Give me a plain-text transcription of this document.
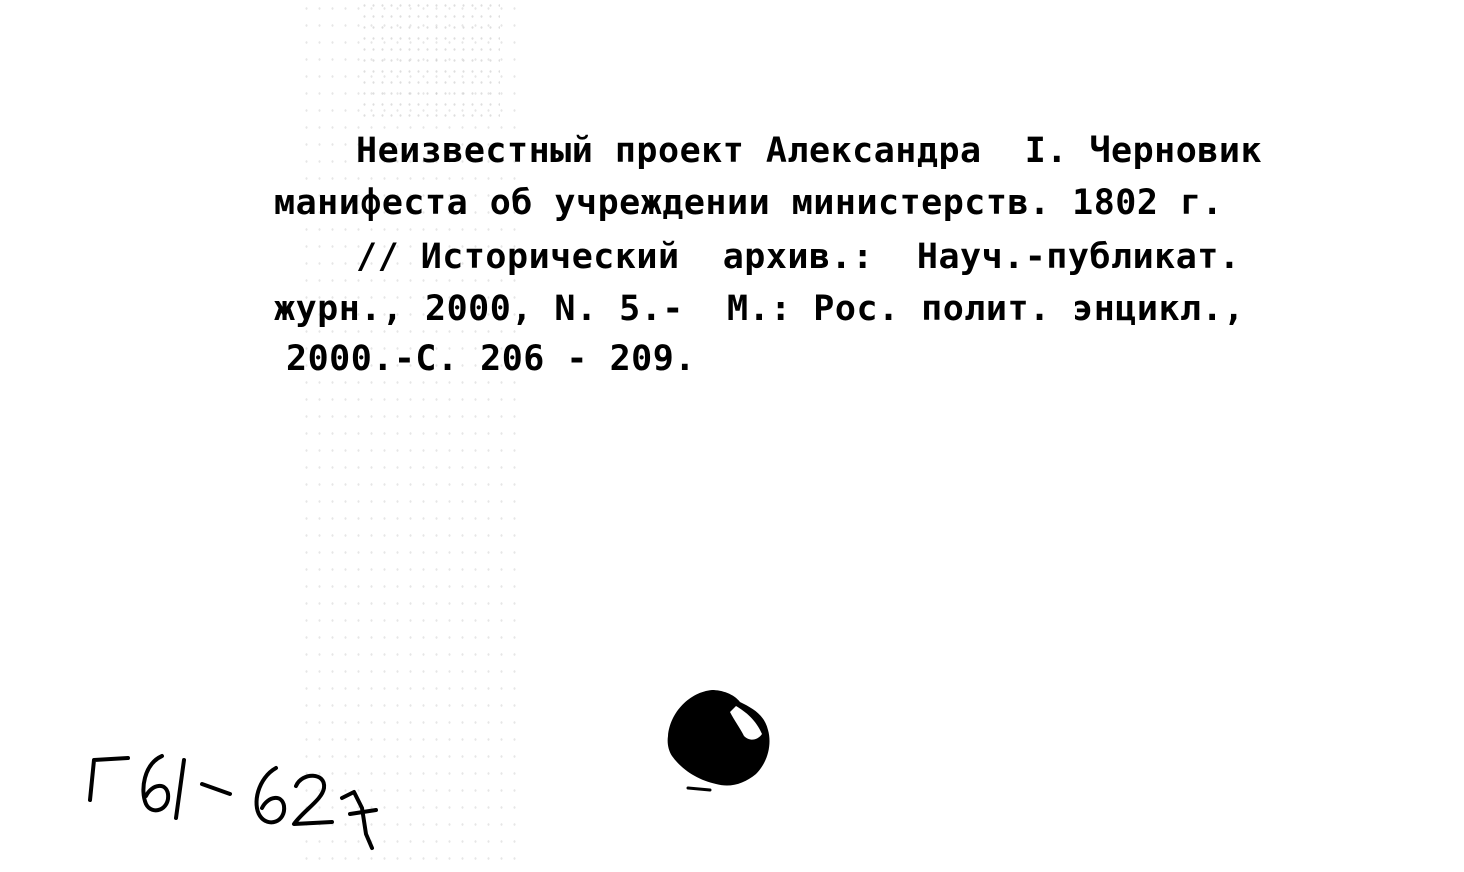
Неизвестный проект Александра  I. Черновик
манифеста об учреждении министерств. 1802 г.
// Исторический  архив.:  Науч.-публикат.
журн., 2000, N. 5.-  М.: Рос. полит. энцикл.,
2000.-С. 206 - 209.
